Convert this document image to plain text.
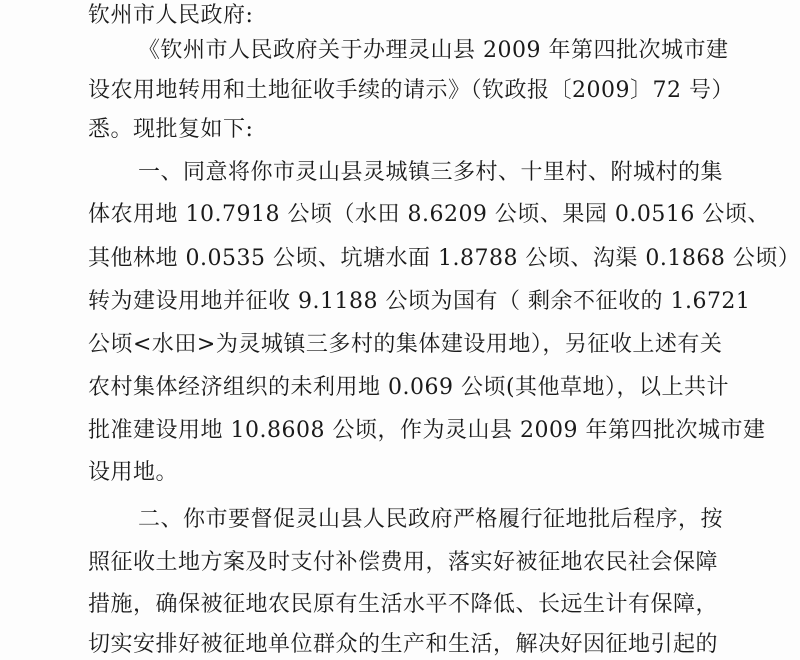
钦州市人民政府:
《钦州市人民政府关于办理灵山县 2009 年第四批次城市建
设农用地转用和土地征收手续的请示》（钦政报〔2009〕72 号）
悉。现批复如下:
一、同意将你市灵山县灵城镇三多村、十里村、附城村的集
体农用地 10.7918 公顷（水田 8.6209 公顷、果园 0.0516 公顷、
其他林地 0.0535 公顷、坑塘水面 1.8788 公顷、沟渠 0.1868 公顷）
转为建设用地并征收 9.1188 公顷为国有（ 剩余不征收的 1.6721
公顷<水田>为灵城镇三多村的集体建设用地），另征收上述有关
农村集体经济组织的未利用地 0.069 公顷(其他草地），以上共计
批准建设用地 10.8608 公顷，作为灵山县 2009 年第四批次城市建
设用地。
二、你市要督促灵山县人民政府严格履行征地批后程序，按
照征收土地方案及时支付补偿费用，落实好被征地农民社会保障
措施，确保被征地农民原有生活水平不降低、长远生计有保障，
切实安排好被征地单位群众的生产和生活，解决好因征地引起的
